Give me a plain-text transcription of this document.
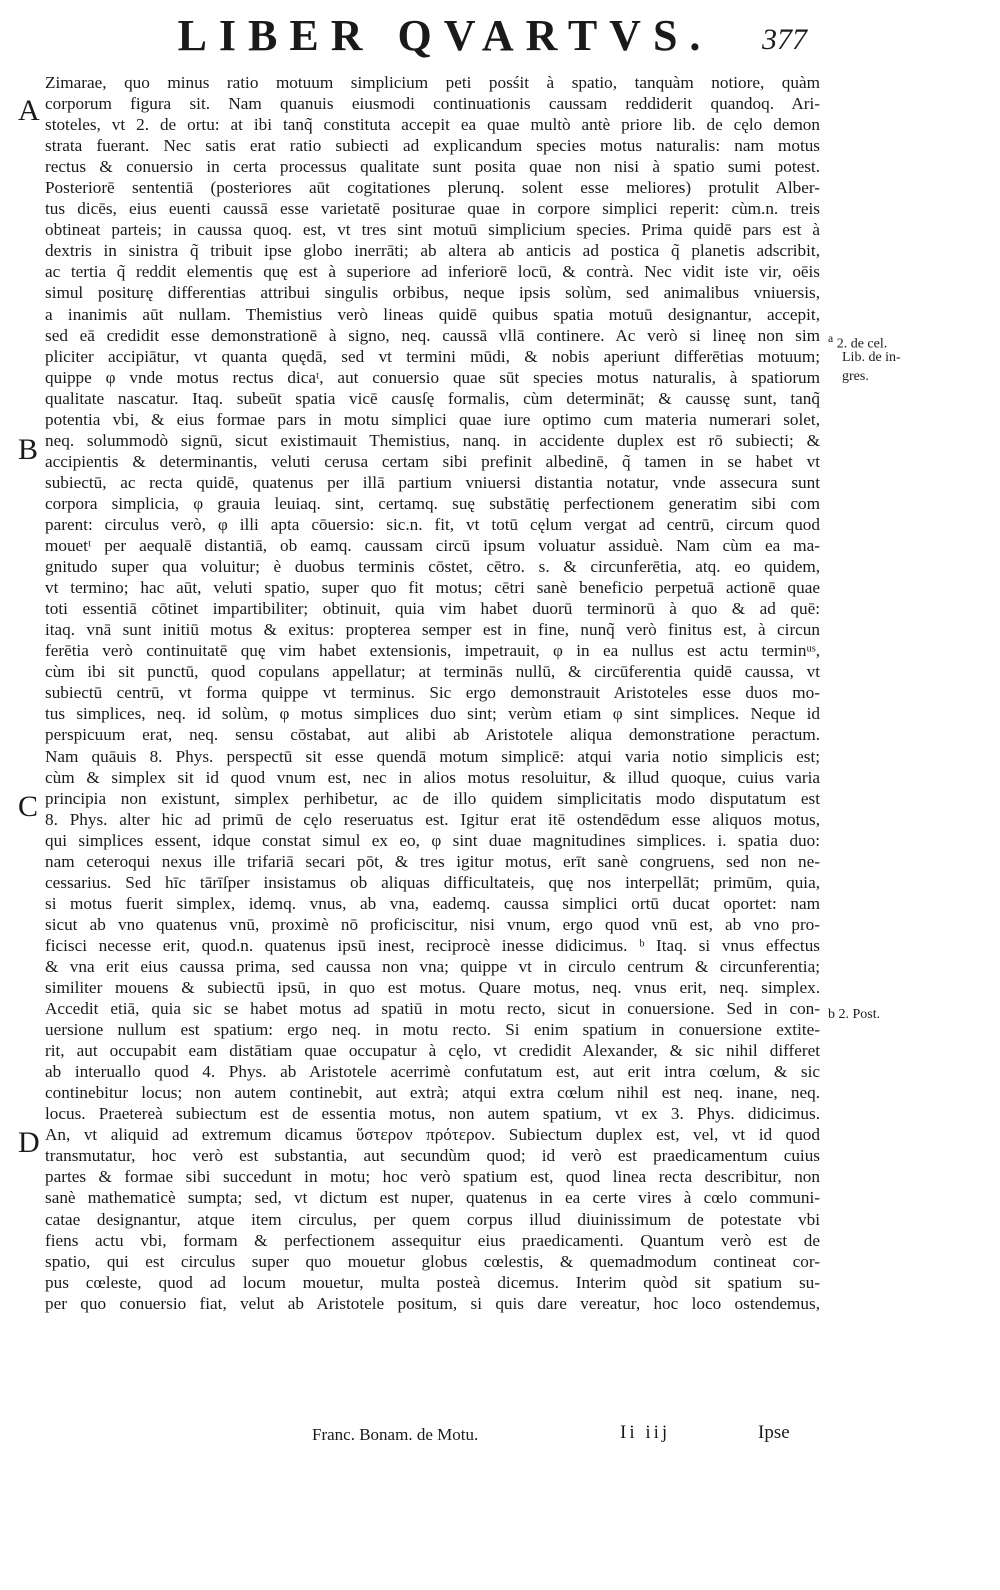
LIBER QVARTVS.	377
A
B
C
D
$^a$ 2. de cel.
Lib. de in-
gres.
b 2. Post.
Zimarae, quo minus ratio motuum simplicium peti posśit à spatio, tanquàm notiore, quàm
corporum figura sit. Nam quanuis eiusmodi continuationis caussam reddiderit quandoq. Ari-
stoteles, vt 2. de ortu: at ibi tanq̃ constituta accepit ea quae multò antè priore lib. de cęlo demon
strata fuerant. Nec satis erat ratio subiecti ad explicandum species motus naturalis: nam motus
rectus & conuersio in certa processus qualitate sunt posita quae non nisi à spatio sumi potest.
Posteriorē sententiā (posteriores aūt cogitationes plerunq. solent esse meliores) protulit Alber-
tus dicēs, eius euenti caussā esse varietatē positurae quae in corpore simplici reperit: cùm.n. treis
obtineat parteis; in caussa quoq. est, vt tres sint motuū simplicium species. Prima quidē pars est à
dextris in sinistra q̃ tribuit ipse globo inerrāti; ab altera ab anticis ad postica q̃ planetis adscribit,
ac tertia q̃ reddit elementis quę est à superiore ad inferiorē locū, & contrà. Nec vidit iste vir, oēis
simul positurę differentias attribui singulis orbibus, neque ipsis solùm, sed animalibus vniuersis,
a inanimis aūt nullam. Themistius verò lineas quidē quibus spatia motuū designantur, accepit,
sed eā credidit esse demonstrationē à signo, neq. caussā vllā continere. Ac verò si lineę non sim
pliciter accipiātur, vt quanta quędā, sed vt termini mūdi, & nobis aperiunt differētias motuum;
quippe φ vnde motus rectus dicaᵗ, aut conuersio quae sūt species motus naturalis, à spatiorum
qualitate nascatur. Itaq. subeūt spatia vicē causſę formalis, cùm determināt; & caussę sunt, tanq̃
potentia vbi, & eius formae pars in motu simplici quae iure optimo cum materia numerari solet,
neq. solummodò signū, sicut existimauit Themistius, nanq. in accidente duplex est rō subiecti; &
accipientis & determinantis, veluti cerusa certam sibi prefinit albedinē, q̃ tamen in se habet vt
subiectū, ac recta quidē, quatenus per illā partium vniuersi distantia notatur, vnde assecura sunt
corpora simplicia, φ grauia leuiaq. sint, certamq. suę substātię perfectionem generatim sibi com
parent: circulus verò, φ illi apta cōuersio: sic.n. fit, vt totū cęlum vergat ad centrū, circum quod
mouetᵗ per aequalē distantiā, ob eamq. caussam circū ipsum voluatur assiduè. Nam cùm ea ma-
gnitudo super qua voluitur; è duobus terminis cōstet, cētro. s. & circunferētia, atq. eo quidem,
vt termino; hac aūt, veluti spatio, super quo fit motus; cētri sanè beneficio perpetuā actionē quae
toti essentiā cōtinet impartibiliter; obtinuit, quia vim habet duorū terminorū à quo & ad quē:
itaq. vnā sunt initiū motus & exitus: propterea semper est in fine, nunq̃ verò finitus est, à circun
ferētia verò continuitatē quę vim habet extensionis, impetrauit, φ in ea nullus est actu terminᵘˢ,
cùm ibi sit punctū, quod copulans appellatur; at terminās nullū, & circūferentia quidē caussa, vt
subiectū centrū, vt forma quippe vt terminus. Sic ergo demonstrauit Aristoteles esse duos mo-
tus simplices, neq. id solùm, φ motus simplices duo sint; verùm etiam φ sint simplices. Neque id
perspicuum erat, neq. sensu cōstabat, aut alibi ab Aristotele aliqua demonstratione peractum.
Nam quāuis 8. Phys. perspectū sit esse quendā motum simplicē: atqui varia notio simplicis est;
cùm & simplex sit id quod vnum est, nec in alios motus resoluitur, & illud quoque, cuius varia
principia non existunt, simplex perhibetur, ac de illo quidem simplicitatis modo disputatum est
8. Phys. alter hic ad primū de cęlo reseruatus est. Igitur erat itē ostendēdum esse aliquos motus,
qui simplices essent, idque constat simul ex eo, φ sint duae magnitudines simplices. i. spatia duo:
nam ceteroqui nexus ille trifariā secari pōt, & tres igitur motus, erīt sanè congruens, sed non ne-
cessarius. Sed hīc tārīſper insistamus ob aliquas difficultateis, quę nos interpellāt; primūm, quia,
si motus fuerit simplex, idemq. vnus, ab vna, eademq. caussa simplici ortū ducat oportet: nam
sicut ab vno quatenus vnū, proximè nō proficiscitur, nisi vnum, ergo quod vnū est, ab vno pro-
ficisci necesse erit, quod.n. quatenus ipsū inest, reciprocè inesse didicimus. ᵇ Itaq. si vnus effectus
& vna erit eius caussa prima, sed caussa non vna; quippe vt in circulo centrum & circunferentia;
similiter mouens & subiectū ipsū, in quo est motus. Quare motus, neq. vnus erit, neq. simplex.
Accedit etiā, quia sic se habet motus ad spatiū in motu recto, sicut in conuersione. Sed in con-
uersione nullum est spatium: ergo neq. in motu recto. Si enim spatium in conuersione extite-
rit, aut occupabit eam distātiam quae occupatur à cęlo, vt credidit Alexander, & sic nihil differet
ab interuallo quod 4. Phys. ab Aristotele acerrimè confutatum est, aut erit intra cœlum, & sic
continebitur locus; non autem continebit, aut extrà; atqui extra cœlum nihil est neq. inane, neq.
locus. Praetereà subiectum est de essentia motus, non autem spatium, vt ex 3. Phys. didicimus.
An, vt aliquid ad extremum dicamus ὕστερον πρότερον. Subiectum duplex est, vel, vt id quod
transmutatur, hoc verò est substantia, aut secundùm quod; id verò est praedicamentum cuius
partes & formae sibi succedunt in motu; hoc verò spatium est, quod linea recta describitur, non
sanè mathematicè sumpta; sed, vt dictum est nuper, quatenus in ea certe vires à cœlo communi-
catae designantur, atque item circulus, per quem corpus illud diuinissimum de potestate vbi
fiens actu vbi, formam & perfectionem assequitur eius praedicamenti. Quantum verò est de
spatio, qui est circulus super quo mouetur globus cœlestis, & quemadmodum contineat cor-
pus cœleste, quod ad locum mouetur, multa posteà dicemus. Interim quòd sit spatium su-
per quo conuersio fiat, velut ab Aristotele positum, si quis dare vereatur, hoc loco ostendemus,
Franc. Bonam. de Motu.	Ii iij	Ipse
